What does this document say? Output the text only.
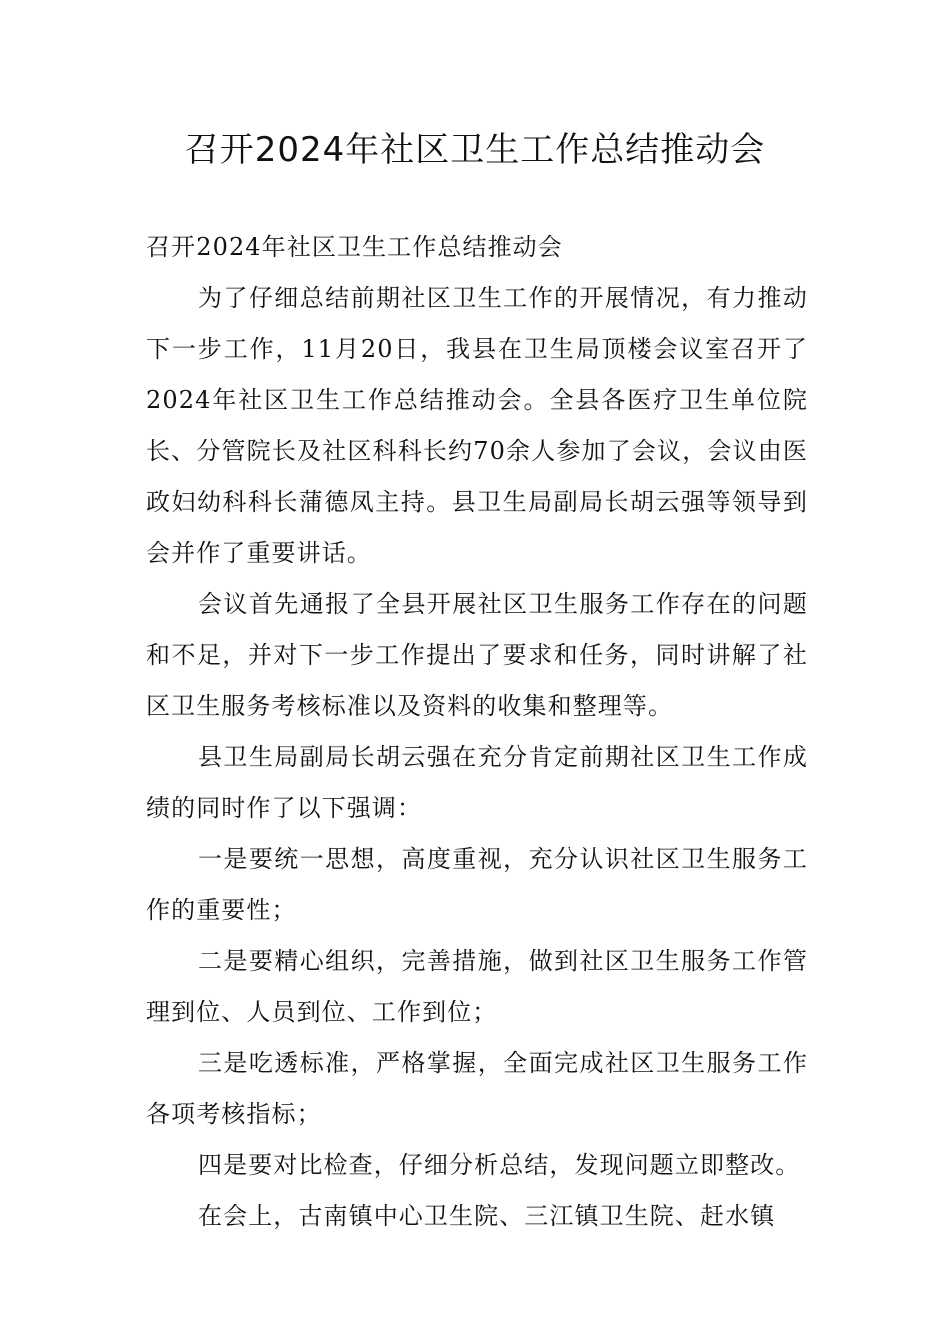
召开2024年社区卫生工作总结推动会

召开2024年社区卫生工作总结推动会

为了仔细总结前期社区卫生工作的开展情况，有力推动下一步工作，11月20日，我县在卫生局顶楼会议室召开了2024年社区卫生工作总结推动会。全县各医疗卫生单位院长、分管院长及社区科科长约70余人参加了会议，会议由医政妇幼科科长蒲德凤主持。县卫生局副局长胡云强等领导到会并作了重要讲话。

会议首先通报了全县开展社区卫生服务工作存在的问题和不足，并对下一步工作提出了要求和任务，同时讲解了社区卫生服务考核标准以及资料的收集和整理等。

县卫生局副局长胡云强在充分肯定前期社区卫生工作成绩的同时作了以下强调：

一是要统一思想，高度重视，充分认识社区卫生服务工作的重要性；

二是要精心组织，完善措施，做到社区卫生服务工作管理到位、人员到位、工作到位；

三是吃透标准，严格掌握，全面完成社区卫生服务工作各项考核指标；

四是要对比检查，仔细分析总结，发现问题立即整改。

在会上，古南镇中心卫生院、三江镇卫生院、赶水镇
